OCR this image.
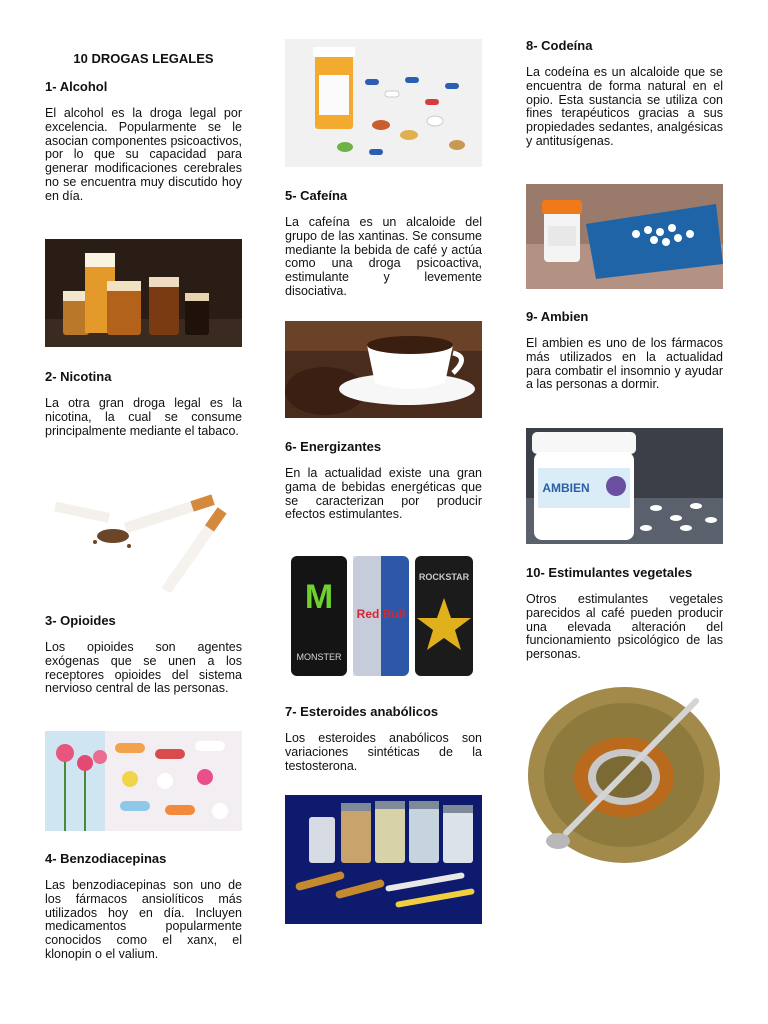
10 DROGAS LEGALES

1- Alcohol

El alcohol es la droga legal por excelencia. Popularmente se le asocian componentes psicoactivos, por lo que su capacidad para generar modificaciones cerebrales no se encuentra muy discutido hoy en día.

2- Nicotina

La otra gran droga legal es la nicotina, la cual se consume principalmente mediante el tabaco.

3- Opioides

Los opioides son agentes exógenas que se unen a los receptores opioides del sistema nervioso central de las personas.

4- Benzodiacepinas

Las benzodiacepinas son uno de los fármacos ansiolíticos más utilizados hoy en día. Incluyen medicamentos popularmente conocidos como el xanx, el klonopin o el valium.

5- Cafeína

La cafeína es un alcaloide del grupo de las xantinas. Se consume mediante la bebida de café y actúa como una droga psicoactiva, estimulante y levemente disociativa.

6- Energizantes

En la actualidad existe una gran gama de bebidas energéticas que se caracterizan por producir efectos estimulantes.

M
MONSTER
Red Bull
ROCKSTAR

7- Esteroides anabólicos

Los esteroides anabólicos son variaciones sintéticas de la testosterona.

8- Codeína

La codeína es un alcaloide que se encuentra de forma natural en el opio. Esta sustancia se utiliza con fines terapéuticos gracias a sus propiedades sedantes, analgésicas y antitusígenas.

9- Ambien

El ambien es uno de los fármacos más utilizados en la actualidad para combatir el insomnio y ayudar a las personas a dormir.

AMBIEN

10- Estimulantes vegetales

Otros estimulantes vegetales parecidos al café pueden producir una elevada alteración del funcionamiento psicológico de las personas.
